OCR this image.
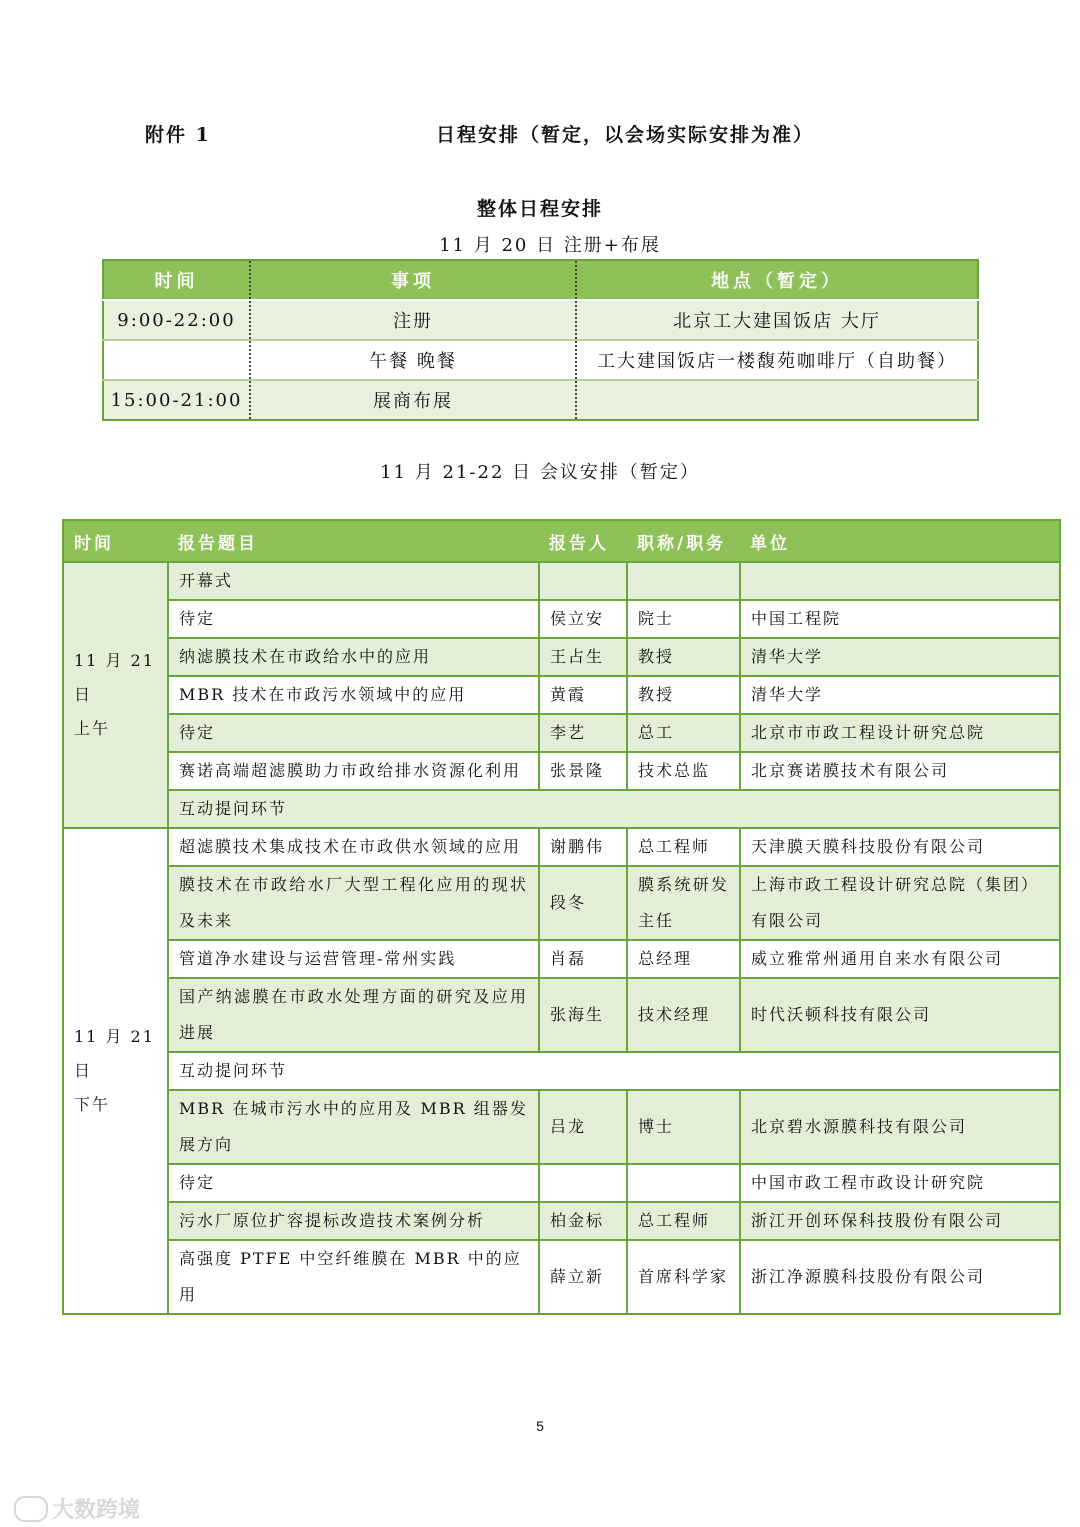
附件 1	日程安排（暂定，以会场实际安排为准）
整体日程安排
11 月 20 日 注册+布展
时间	事项	地点（暂定）
9:00-22:00	注册	北京工大建国饭店 大厅
	午餐 晚餐	工大建国饭店一楼馥苑咖啡厅（自助餐）
15:00-21:00	展商布展	
11 月 21-22 日 会议安排（暂定）
时间	报告题目	报告人	职称/职务	单位

11 月 21 日
上午	开幕式			
	待定	侯立安	院士	中国工程院
	纳滤膜技术在市政给水中的应用	王占生	教授	清华大学
	MBR 技术在市政污水领域中的应用	黄霞	教授	清华大学
	待定	李艺	总工	北京市市政工程设计研究总院
	赛诺高端超滤膜助力市政给排水资源化利用	张景隆	技术总监	北京赛诺膜技术有限公司
	互动提问环节			

11 月 21 日
下午	超滤膜技术集成技术在市政供水领域的应用	谢鹏伟	总工程师	天津膜天膜科技股份有限公司
	膜技术在市政给水厂大型工程化应用的现状及未来	段冬	膜系统研发主任	上海市政工程设计研究总院（集团）有限公司
	管道净水建设与运营管理-常州实践	肖磊	总经理	威立雅常州通用自来水有限公司
	国产纳滤膜在市政水处理方面的研究及应用进展	张海生	技术经理	时代沃顿科技有限公司
	互动提问环节			
	MBR 在城市污水中的应用及 MBR 组器发展方向	吕龙	博士	北京碧水源膜科技有限公司
	待定			中国市政工程市政设计研究院
	污水厂原位扩容提标改造技术案例分析	柏金标	总工程师	浙江开创环保科技股份有限公司
	高强度 PTFE 中空纤维膜在 MBR 中的应用	薛立新	首席科学家	浙江净源膜科技股份有限公司
5
大数跨境
